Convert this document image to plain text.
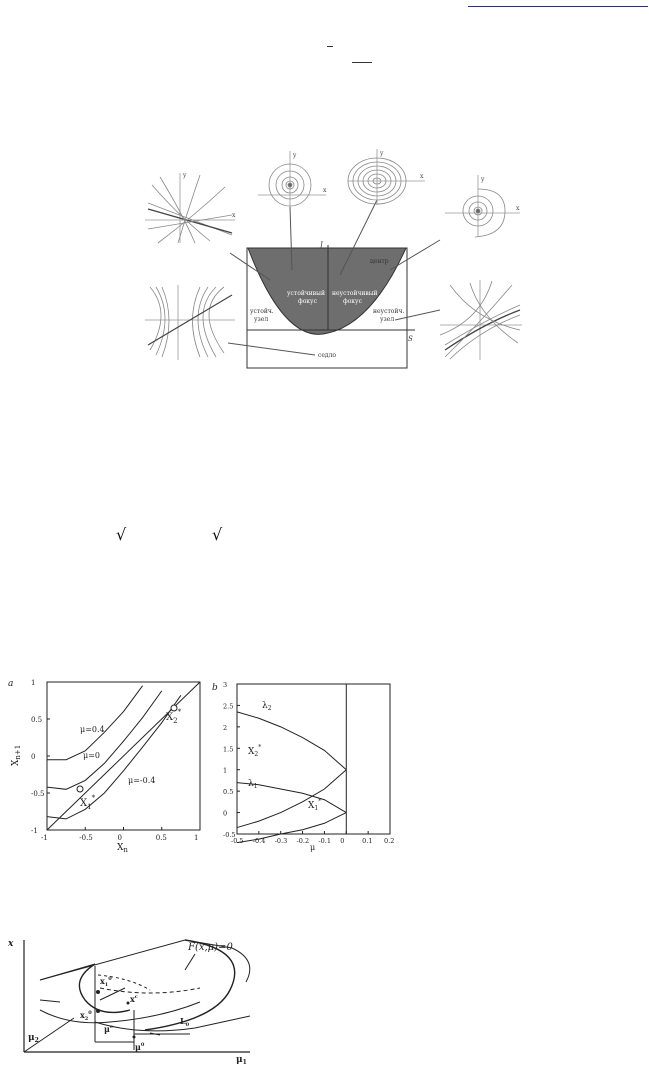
центр
устойчивый
фокус
неустойчивый
фокус
устойч.
узел
неустойч.
узел
седло
J
S
y
x
y
x
y
x	y
x
√	√
a
-1	-0.5	0	0.5	1
1
0.5
0
-0.5
-1
μ=0.4
μ=0
μ=-0.4
$X_1^*$
$X_2^*$
$X_n$
$X_{n+1}$
b
-0.5 -0.4 -0.3 -0.2 -0.1 0	0.1 0.2
3
2.5
2
1.5
1
0.5
0
-0.5
$\lambda_2$
$X_2^*$
$\lambda_1$
$X_1^*$
μ
x
$\mu_1$
$\mu_2$
F(x,μ)=0
$x_1^0$
$x_2^0$
$x^c$
$\mu^c$
$\mu^0$
$L_0$
